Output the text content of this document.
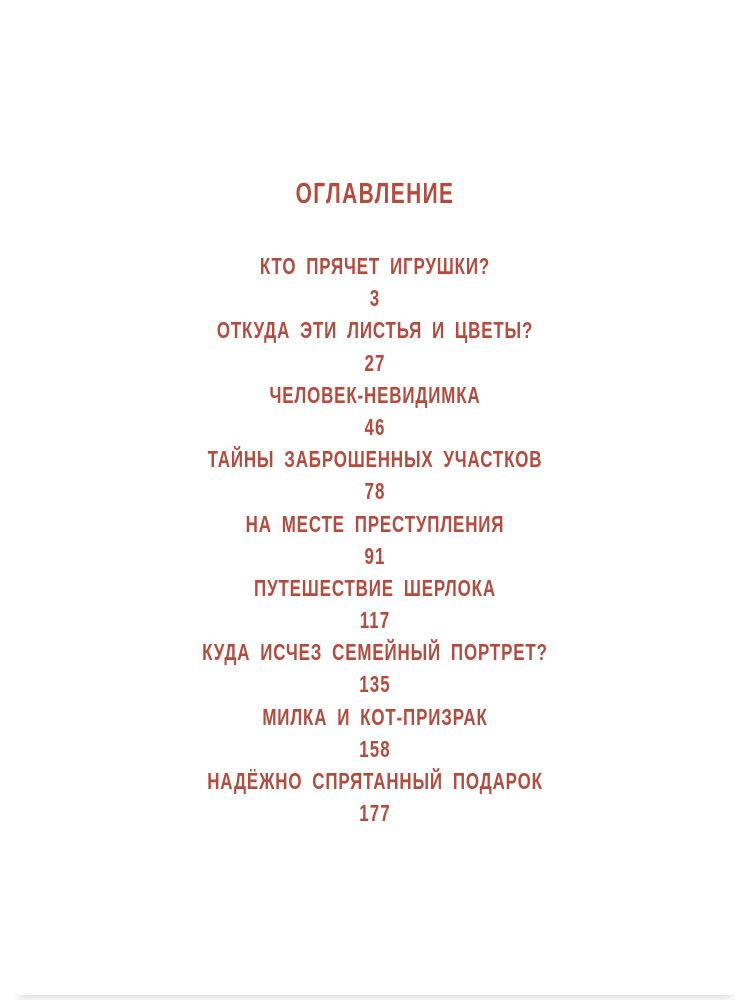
ОГЛАВЛЕНИЕ
КТО ПРЯЧЕТ ИГРУШКИ?
3
ОТКУДА ЭТИ ЛИСТЬЯ И ЦВЕТЫ?
27
ЧЕЛОВЕК-НЕВИДИМКА
46
ТАЙНЫ ЗАБРОШЕННЫХ УЧАСТКОВ
78
НА МЕСТЕ ПРЕСТУПЛЕНИЯ
91
ПУТЕШЕСТВИЕ ШЕРЛОКА
117
КУДА ИСЧЕЗ СЕМЕЙНЫЙ ПОРТРЕТ?
135
МИЛКА И КОТ-ПРИЗРАК
158
НАДЁЖНО СПРЯТАННЫЙ ПОДАРОК
177
